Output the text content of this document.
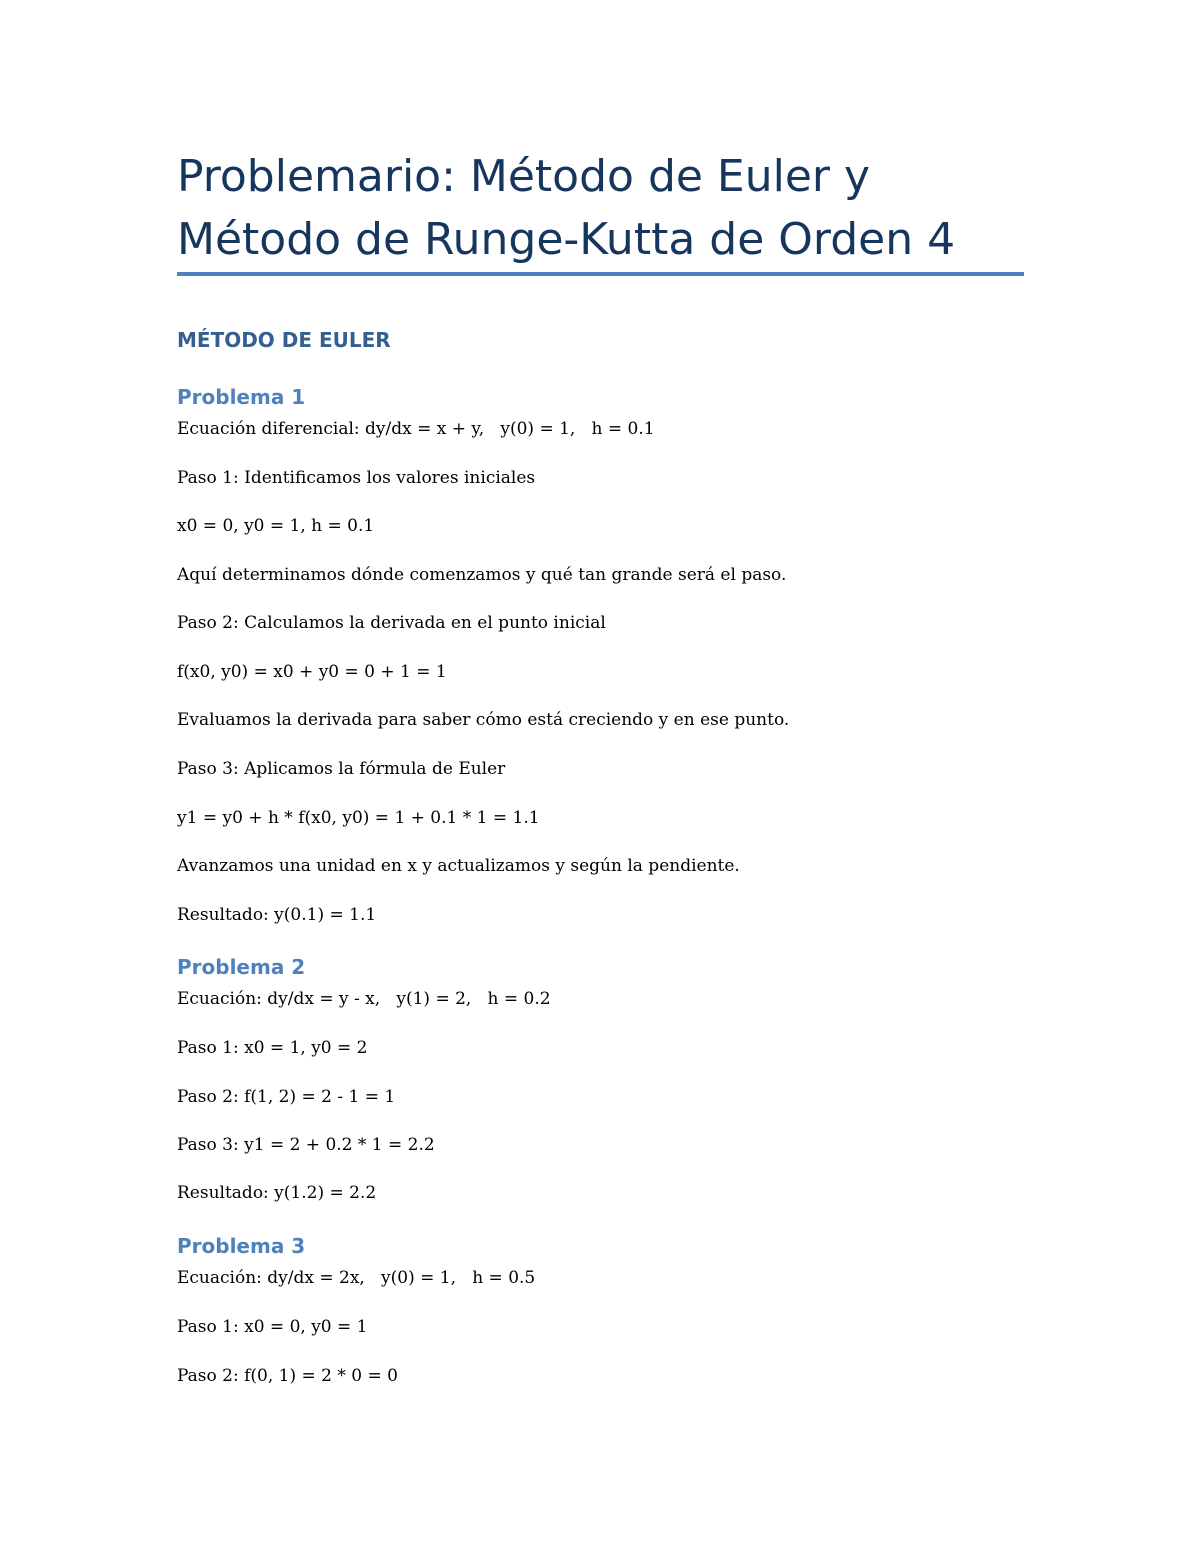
Problemario: Método de Euler y
Método de Runge-Kutta de Orden 4
MÉTODO DE EULER
Problema 1
Ecuación diferencial: dy/dx = x + y,   y(0) = 1,   h = 0.1
Paso 1: Identificamos los valores iniciales
x0 = 0, y0 = 1, h = 0.1
Aquí determinamos dónde comenzamos y qué tan grande será el paso.
Paso 2: Calculamos la derivada en el punto inicial
f(x0, y0) = x0 + y0 = 0 + 1 = 1
Evaluamos la derivada para saber cómo está creciendo y en ese punto.
Paso 3: Aplicamos la fórmula de Euler
y1 = y0 + h * f(x0, y0) = 1 + 0.1 * 1 = 1.1
Avanzamos una unidad en x y actualizamos y según la pendiente.
Resultado: y(0.1) = 1.1
Problema 2
Ecuación: dy/dx = y - x,   y(1) = 2,   h = 0.2
Paso 1: x0 = 1, y0 = 2
Paso 2: f(1, 2) = 2 - 1 = 1
Paso 3: y1 = 2 + 0.2 * 1 = 2.2
Resultado: y(1.2) = 2.2
Problema 3
Ecuación: dy/dx = 2x,   y(0) = 1,   h = 0.5
Paso 1: x0 = 0, y0 = 1
Paso 2: f(0, 1) = 2 * 0 = 0
